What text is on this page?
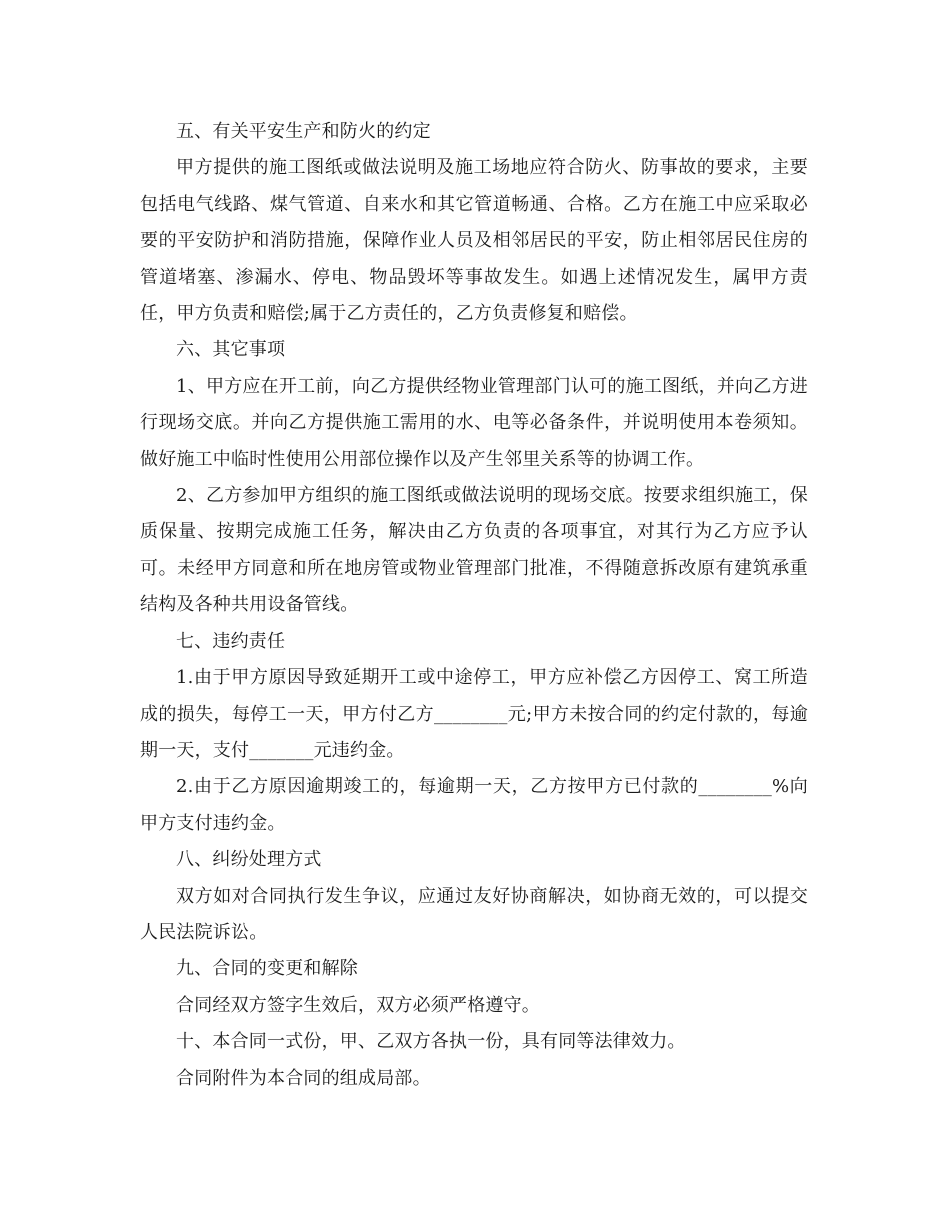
五、有关平安生产和防火的约定

甲方提供的施工图纸或做法说明及施工场地应符合防火、防事故的要求，主要包括电气线路、煤气管道、自来水和其它管道畅通、合格。乙方在施工中应采取必要的平安防护和消防措施，保障作业人员及相邻居民的平安，防止相邻居民住房的管道堵塞、渗漏水、停电、物品毁坏等事故发生。如遇上述情况发生，属甲方责任，甲方负责和赔偿;属于乙方责任的，乙方负责修复和赔偿。

六、其它事项

1、甲方应在开工前，向乙方提供经物业管理部门认可的施工图纸，并向乙方进行现场交底。并向乙方提供施工需用的水、电等必备条件，并说明使用本卷须知。做好施工中临时性使用公用部位操作以及产生邻里关系等的协调工作。

2、乙方参加甲方组织的施工图纸或做法说明的现场交底。按要求组织施工，保质保量、按期完成施工任务，解决由乙方负责的各项事宜，对其行为乙方应予认可。未经甲方同意和所在地房管或物业管理部门批准，不得随意拆改原有建筑承重结构及各种共用设备管线。

七、违约责任

1.由于甲方原因导致延期开工或中途停工，甲方应补偿乙方因停工、窝工所造成的损失，每停工一天，甲方付乙方________元;甲方未按合同的约定付款的，每逾期一天，支付_______元违约金。

2.由于乙方原因逾期竣工的，每逾期一天，乙方按甲方已付款的________%向甲方支付违约金。

八、纠纷处理方式

双方如对合同执行发生争议，应通过友好协商解决，如协商无效的，可以提交人民法院诉讼。

九、合同的变更和解除

合同经双方签字生效后，双方必须严格遵守。

十、本合同一式份，甲、乙双方各执一份，具有同等法律效力。

合同附件为本合同的组成局部。
